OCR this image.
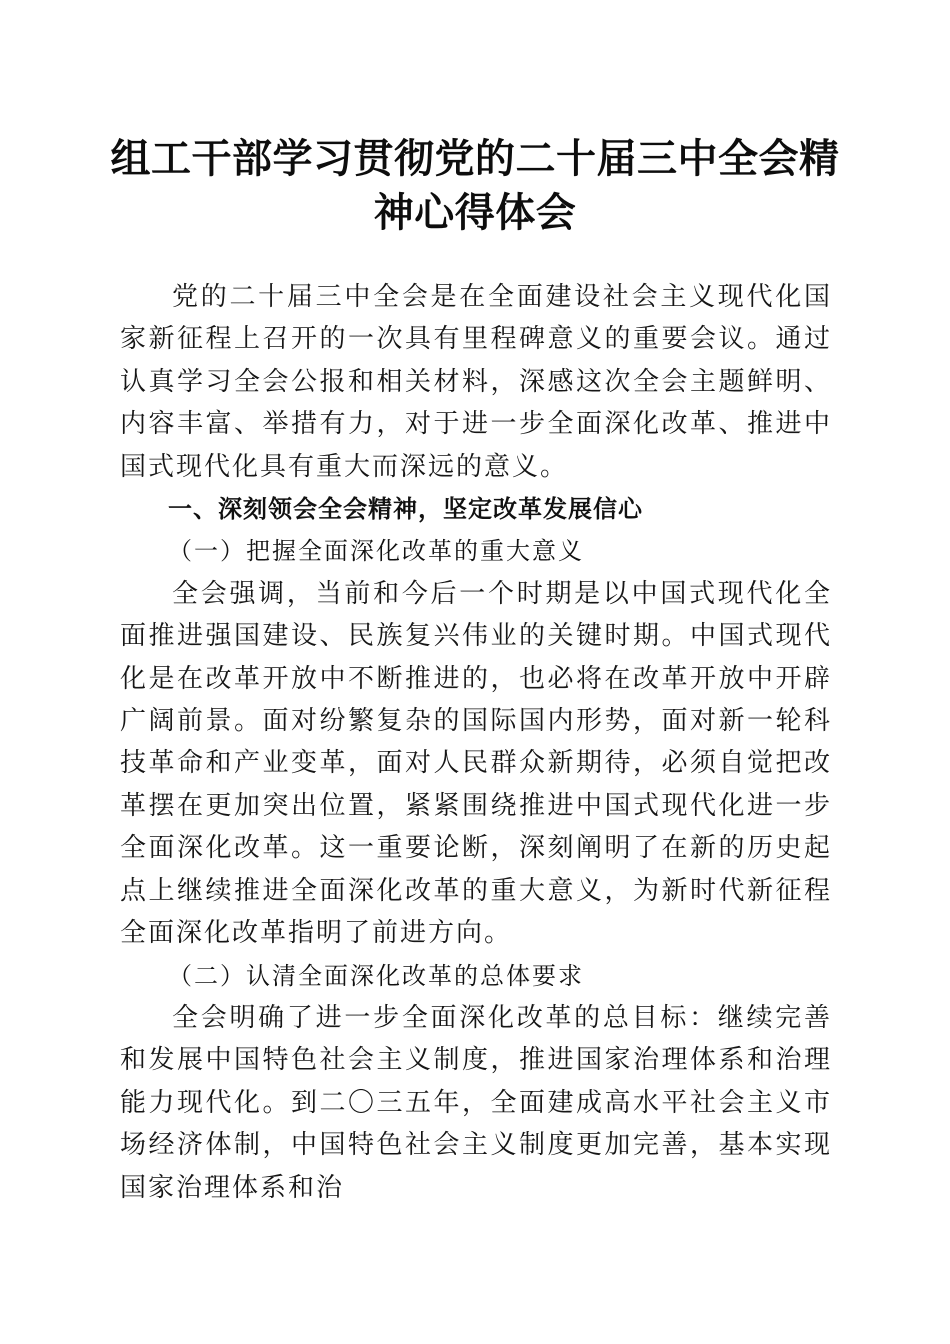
组工干部学习贯彻党的二十届三中全会精神心得体会

党的二十届三中全会是在全面建设社会主义现代化国家新征程上召开的一次具有里程碑意义的重要会议。通过认真学习全会公报和相关材料，深感这次全会主题鲜明、内容丰富、举措有力，对于进一步全面深化改革、推进中国式现代化具有重大而深远的意义。

一、深刻领会全会精神，坚定改革发展信心
（一）把握全面深化改革的重大意义

全会强调，当前和今后一个时期是以中国式现代化全面推进强国建设、民族复兴伟业的关键时期。中国式现代化是在改革开放中不断推进的，也必将在改革开放中开辟广阔前景。面对纷繁复杂的国际国内形势，面对新一轮科技革命和产业变革，面对人民群众新期待，必须自觉把改革摆在更加突出位置，紧紧围绕推进中国式现代化进一步全面深化改革。这一重要论断，深刻阐明了在新的历史起点上继续推进全面深化改革的重大意义，为新时代新征程全面深化改革指明了前进方向。

（二）认清全面深化改革的总体要求

全会明确了进一步全面深化改革的总目标：继续完善和发展中国特色社会主义制度，推进国家治理体系和治理能力现代化。到二〇三五年，全面建成高水平社会主义市场经济体制，中国特色社会主义制度更加完善，基本实现国家治理体系和治
